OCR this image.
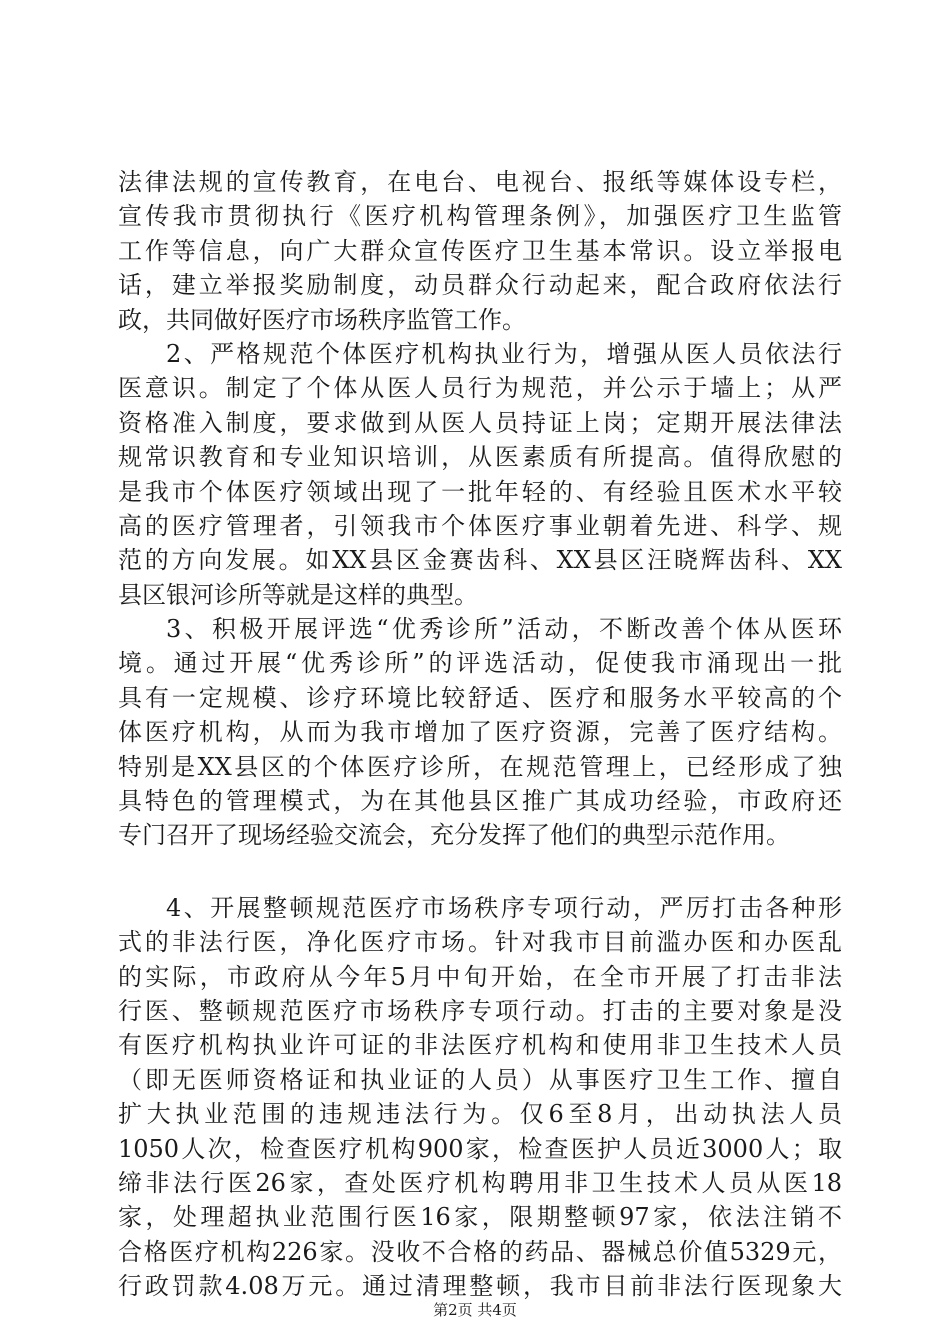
法律法规的宣传教育，在电台、电视台、报纸等媒体设专栏，
宣传我市贯彻执行《医疗机构管理条例》，加强医疗卫生监管
工作等信息，向广大群众宣传医疗卫生基本常识。设立举报电
话，建立举报奖励制度，动员群众行动起来，配合政府依法行
政，共同做好医疗市场秩序监管工作。
2、严格规范个体医疗机构执业行为，增强从医人员依法行
医意识。制定了个体从医人员行为规范，并公示于墙上；从严
资格准入制度，要求做到从医人员持证上岗；定期开展法律法
规常识教育和专业知识培训，从医素质有所提高。值得欣慰的
是我市个体医疗领域出现了一批年轻的、有经验且医术水平较
高的医疗管理者，引领我市个体医疗事业朝着先进、科学、规
范的方向发展。如XX县区金赛齿科、XX县区汪晓辉齿科、XX
县区银河诊所等就是这样的典型。
3、积极开展评选“优秀诊所”活动，不断改善个体从医环
境。通过开展“优秀诊所”的评选活动，促使我市涌现出一批
具有一定规模、诊疗环境比较舒适、医疗和服务水平较高的个
体医疗机构，从而为我市增加了医疗资源，完善了医疗结构。
特别是XX县区的个体医疗诊所，在规范管理上，已经形成了独
具特色的管理模式，为在其他县区推广其成功经验，市政府还
专门召开了现场经验交流会，充分发挥了他们的典型示范作用。
4、开展整顿规范医疗市场秩序专项行动，严厉打击各种形
式的非法行医，净化医疗市场。针对我市目前滥办医和办医乱
的实际，市政府从今年5月中旬开始，在全市开展了打击非法
行医、整顿规范医疗市场秩序专项行动。打击的主要对象是没
有医疗机构执业许可证的非法医疗机构和使用非卫生技术人员
（即无医师资格证和执业证的人员）从事医疗卫生工作、擅自
扩大执业范围的违规违法行为。仅6至8月，出动执法人员
1050人次，检查医疗机构900家，检查医护人员近3000人；取
缔非法行医26家，查处医疗机构聘用非卫生技术人员从医18
家，处理超执业范围行医16家，限期整顿97家，依法注销不
合格医疗机构226家。没收不合格的药品、器械总价值5329元，
行政罚款4.08万元。通过清理整顿，我市目前非法行医现象大
第2页 共4页
